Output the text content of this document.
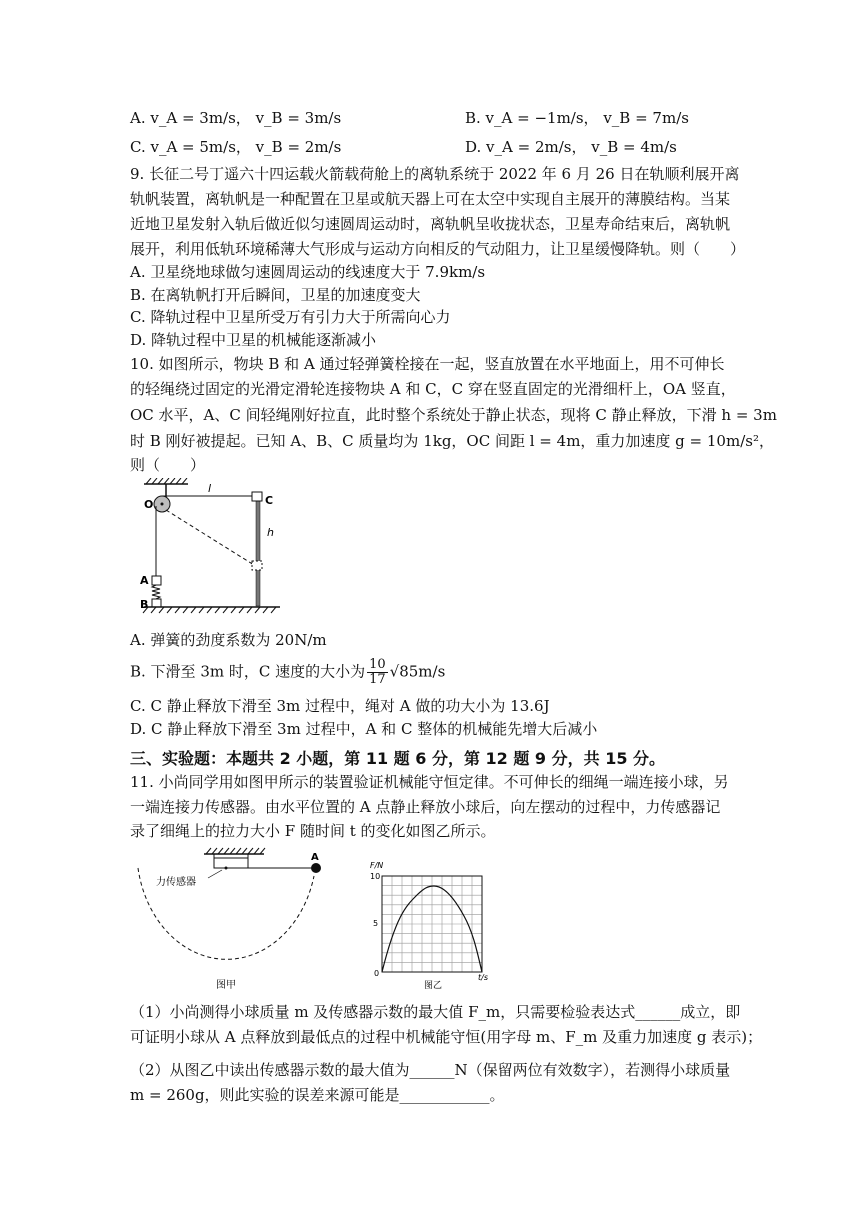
A. v_A = 3m/s， v_B = 3m/s	B. v_A = −1m/s， v_B = 7m/s
C. v_A = 5m/s， v_B = 2m/s	D. v_A = 2m/s， v_B = 4m/s
9. 长征二号丁遥六十四运载火箭载荷舱上的离轨系统于 2022 年 6 月 26 日在轨顺利展开离
轨帆装置，离轨帆是一种配置在卫星或航天器上可在太空中实现自主展开的薄膜结构。当某
近地卫星发射入轨后做近似匀速圆周运动时，离轨帆呈收拢状态，卫星寿命结束后，离轨帆
展开，利用低轨环境稀薄大气形成与运动方向相反的气动阻力，让卫星缓慢降轨。则（　　）
A. 卫星绕地球做匀速圆周运动的线速度大于 7.9km/s
B. 在离轨帆打开后瞬间，卫星的加速度变大
C. 降轨过程中卫星所受万有引力大于所需向心力
D. 降轨过程中卫星的机械能逐渐减小
10. 如图所示，物块 B 和 A 通过轻弹簧栓接在一起，竖直放置在水平地面上，用不可伸长
的轻绳绕过固定的光滑定滑轮连接物块 A 和 C，C 穿在竖直固定的光滑细杆上，OA 竖直，
OC 水平，A、C 间轻绳刚好拉直，此时整个系统处于静止状态，现将 C 静止释放，下滑 h = 3m
时 B 刚好被提起。已知 A、B、C 质量均为 1kg，OC 间距 l = 4m，重力加速度 g = 10m/s²，
则（　　）
O
l
C
h
A
B
A. 弹簧的劲度系数为 20N/m
B. 下滑至 3m 时，C 速度的大小为 $\frac{10}{17} √85m/s$
C. C 静止释放下滑至 3m 过程中，绳对 A 做的功大小为 13.6J
D. C 静止释放下滑至 3m 过程中，A 和 C 整体的机械能先增大后减小
三、实验题：本题共 2 小题，第 11 题 6 分，第 12 题 9 分，共 15 分。
11. 小尚同学用如图甲所示的装置验证机械能守恒定律。不可伸长的细绳一端连接小球，另
一端连接力传感器。由水平位置的 A 点静止释放小球后，向左摆动的过程中，力传感器记
录了细绳上的拉力大小 F 随时间 t 的变化如图乙所示。
力传感器
A
图甲
F/N
t/s
10
5
0
图乙
（1）小尚测得小球质量 m 及传感器示数的最大值 F_m，只需要检验表达式______成立，即
可证明小球从 A 点释放到最低点的过程中机械能守恒(用字母 m、F_m 及重力加速度 g 表示)；
（2）从图乙中读出传感器示数的最大值为______N（保留两位有效数字），若测得小球质量
m = 260g，则此实验的误差来源可能是____________。
